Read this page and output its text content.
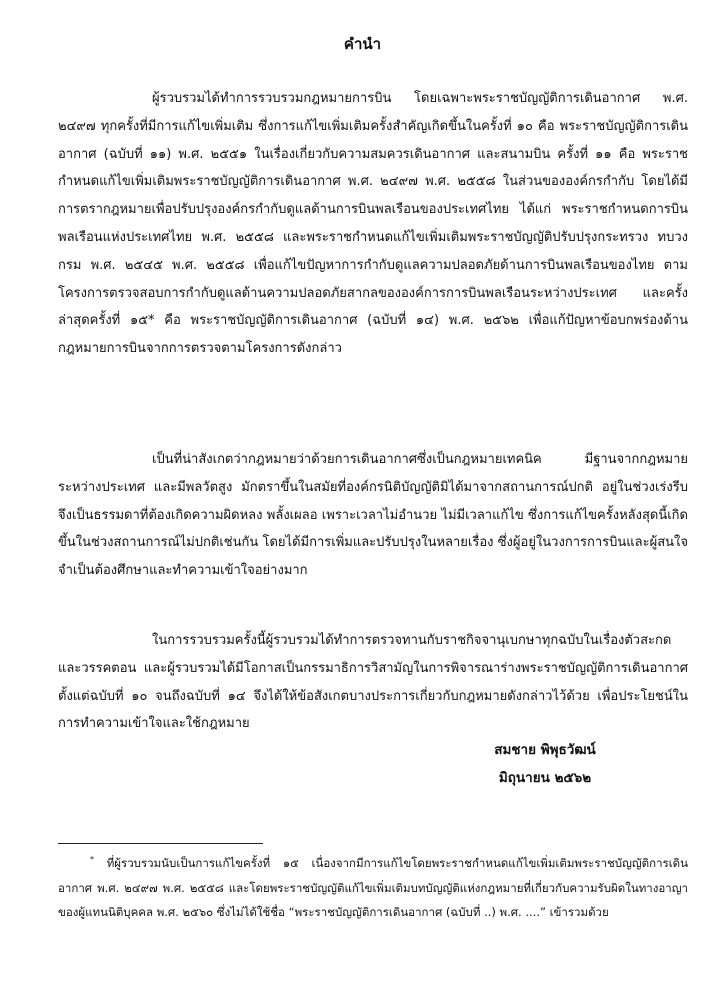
คำนำ

ผู้รวบรวมได้ทำการรวบรวมกฎหมายการบิน โดยเฉพาะพระราชบัญญัติการเดินอากาศ พ.ศ. ๒๔๙๗ ทุกครั้งที่มีการแก้ไขเพิ่มเติม ซึ่งการแก้ไขเพิ่มเติมครั้งสำคัญเกิดขึ้นในครั้งที่ ๑๐ คือ พระราชบัญญัติการเดินอากาศ (ฉบับที่ ๑๑) พ.ศ. ๒๕๕๑ ในเรื่องเกี่ยวกับความสมควรเดินอากาศ และสนามบิน ครั้งที่ ๑๑ คือ พระราชกำหนดแก้ไขเพิ่มเติมพระราชบัญญัติการเดินอากาศ พ.ศ. ๒๔๙๗ พ.ศ. ๒๕๕๘ ในส่วนขององค์กรกำกับ โดยได้มีการตรากฎหมายเพื่อปรับปรุงองค์กรกำกับดูแลด้านการบินพลเรือนของประเทศไทย ได้แก่ พระราชกำหนดการบินพลเรือนแห่งประเทศไทย พ.ศ. ๒๕๕๘ และพระราชกำหนดแก้ไขเพิ่มเติมพระราชบัญญัติปรับปรุงกระทรวง ทบวง กรม พ.ศ. ๒๕๔๕ พ.ศ. ๒๕๕๘ เพื่อแก้ไขปัญหาการกำกับดูแลความปลอดภัยด้านการบินพลเรือนของไทย ตามโครงการตรวจสอบการกำกับดูแลด้านความปลอดภัยสากลขององค์การการบินพลเรือนระหว่างประเทศ และครั้งล่าสุดครั้งที่ ๑๕* คือ พระราชบัญญัติการเดินอากาศ (ฉบับที่ ๑๔) พ.ศ. ๒๕๖๒ เพื่อแก้ปัญหาข้อบกพร่องด้านกฎหมายการบินจากการตรวจตามโครงการดังกล่าว

เป็นที่น่าสังเกตว่ากฎหมายว่าด้วยการเดินอากาศซึ่งเป็นกฎหมายเทคนิค มีฐานจากกฎหมายระหว่างประเทศ และมีพลวัตสูง มักตราขึ้นในสมัยที่องค์กรนิติบัญญัติมิได้มาจากสถานการณ์ปกติ อยู่ในช่วงเร่งรีบ จึงเป็นธรรมดาที่ต้องเกิดความผิดหลง พลั้งเผลอ เพราะเวลาไม่อำนวย ไม่มีเวลาแก้ไข ซึ่งการแก้ไขครั้งหลังสุดนี้เกิดขึ้นในช่วงสถานการณ์ไม่ปกติเช่นกัน โดยได้มีการเพิ่มและปรับปรุงในหลายเรื่อง ซึ่งผู้อยู่ในวงการการบินและผู้สนใจจำเป็นต้องศึกษาและทำความเข้าใจอย่างมาก

ในการรวบรวมครั้งนี้ผู้รวบรวมได้ทำการตรวจทานกับราชกิจจานุเบกษาทุกฉบับในเรื่องตัวสะกดและวรรคตอน และผู้รวบรวมได้มีโอกาสเป็นกรรมาธิการวิสามัญในการพิจารณาร่างพระราชบัญญัติการเดินอากาศตั้งแต่ฉบับที่ ๑๐ จนถึงฉบับที่ ๑๔ จึงได้ให้ข้อสังเกตบางประการเกี่ยวกับกฎหมายดังกล่าวไว้ด้วย เพื่อประโยชน์ในการทำความเข้าใจและใช้กฎหมาย

สมชาย พิพุธวัฒน์
มิถุนายน ๒๕๖๒

* ที่ผู้รวบรวมนับเป็นการแก้ไขครั้งที่ ๑๕ เนื่องจากมีการแก้ไขโดยพระราชกำหนดแก้ไขเพิ่มเติมพระราชบัญญัติการเดินอากาศ พ.ศ. ๒๔๙๗ พ.ศ. ๒๕๕๘ และโดยพระราชบัญญัติแก้ไขเพิ่มเติมบทบัญญัติแห่งกฎหมายที่เกี่ยวกับความรับผิดในทางอาญาของผู้แทนนิติบุคคล พ.ศ. ๒๕๖๐ ซึ่งไม่ได้ใช้ชื่อ “พระราชบัญญัติการเดินอากาศ (ฉบับที่ ..) พ.ศ. ....” เข้ารวมด้วย
